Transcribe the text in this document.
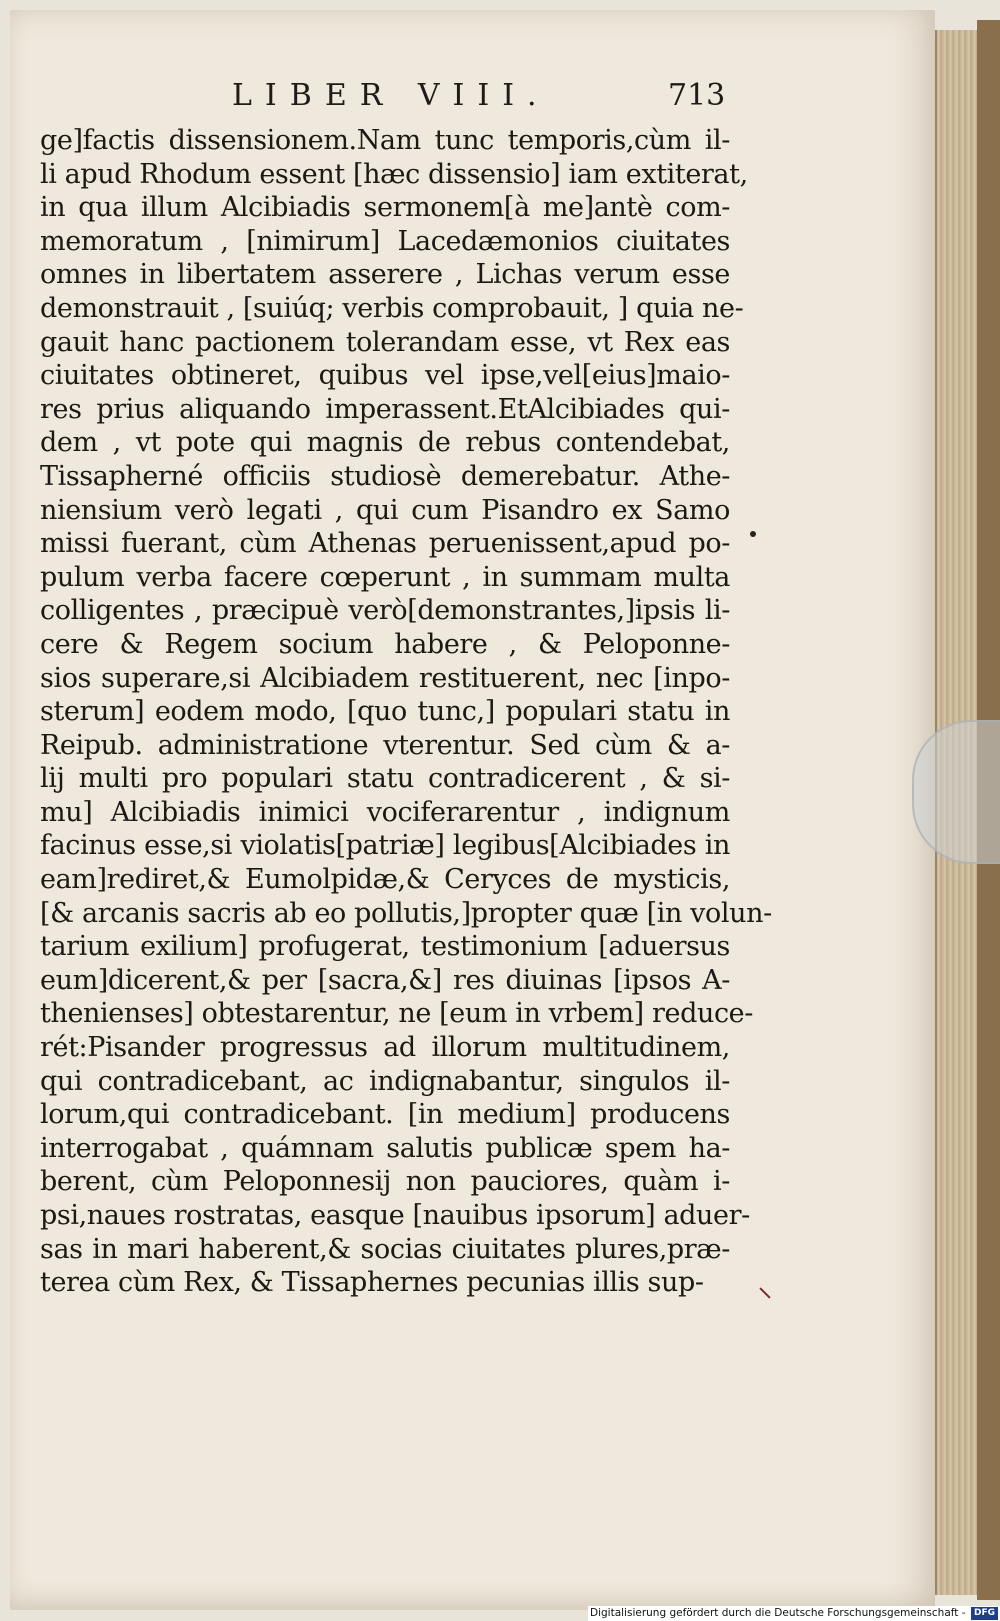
LIBER VIII.	713
ge]factis dissensionem.Nam tunc temporis,cùm il-
li apud Rhodum essent [hæc dissensio] iam extiterat,
in qua illum Alcibiadis sermonem[à me]antè com-
memoratum , [nimirum] Lacedæmonios ciuitates
omnes in libertatem asserere , Lichas verum esse
demonstrauit , [suiúq; verbis comprobauit, ] quia ne-
gauit hanc pactionem tolerandam esse, vt Rex eas
ciuitates obtineret, quibus vel ipse,vel[eius]maio-
res prius aliquando imperassent.EtAlcibiades qui-
dem , vt pote qui magnis de rebus contendebat,
Tissapherné officiis studiosè demerebatur. Athe-
niensium verò legati , qui cum Pisandro ex Samo
missi fuerant, cùm Athenas peruenissent,apud po-
pulum verba facere cœperunt , in summam multa
colligentes , præcipuè verò[demonstrantes,]ipsis li-
cere & Regem socium habere , & Peloponne-
sios superare,si Alcibiadem restituerent, nec [inpo-
sterum] eodem modo, [quo tunc,] populari statu in
Reipub. administratione vterentur. Sed cùm & a-
lij multi pro populari statu contradicerent , & si-
mu] Alcibiadis inimici vociferarentur , indignum
facinus esse,si violatis[patriæ] legibus[Alcibiades in
eam]rediret,& Eumolpidæ,& Ceryces de mysticis,
[& arcanis sacris ab eo pollutis,]propter quæ [in volun-
tarium exilium] profugerat, testimonium [aduersus
eum]dicerent,& per [sacra,&] res diuinas [ipsos A-
thenienses] obtestarentur, ne [eum in vrbem] reduce-
rét:Pisander progressus ad illorum multitudinem,
qui contradicebant, ac indignabantur, singulos il-
lorum,qui contradicebant. [in medium] producens
interrogabat , quámnam salutis publicæ spem ha-
berent, cùm Peloponnesij non pauciores, quàm i-
psi,naues rostratas, easque [nauibus ipsorum] aduer-
sas in mari haberent,& socias ciuitates plures,præ-
terea cùm Rex, & Tissaphernes pecunias illis sup-
Digitalisierung gefördert durch die Deutsche Forschungsgemeinschaft - DFG
